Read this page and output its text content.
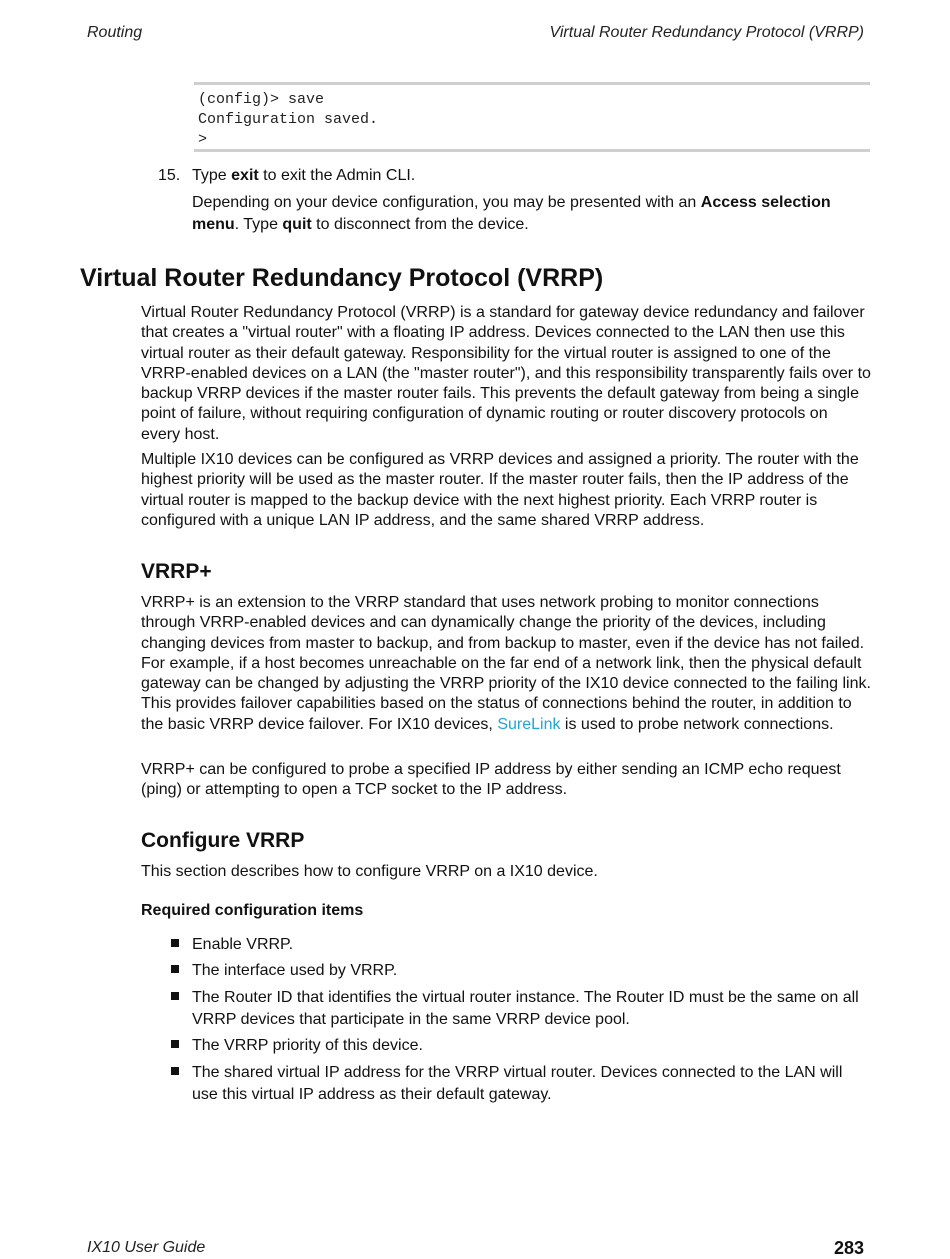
Routing	Virtual Router Redundancy Protocol (VRRP)
(config)> save
Configuration saved.
>
15. Type exit to exit the Admin CLI.
Depending on your device configuration, you may be presented with an Access selection menu. Type quit to disconnect from the device.
Virtual Router Redundancy Protocol (VRRP)
Virtual Router Redundancy Protocol (VRRP) is a standard for gateway device redundancy and failover that creates a "virtual router" with a floating IP address. Devices connected to the LAN then use this virtual router as their default gateway. Responsibility for the virtual router is assigned to one of the VRRP-enabled devices on a LAN (the "master router"), and this responsibility transparently fails over to backup VRRP devices if the master router fails. This prevents the default gateway from being a single point of failure, without requiring configuration of dynamic routing or router discovery protocols on every host.
Multiple IX10 devices can be configured as VRRP devices and assigned a priority. The router with the highest priority will be used as the master router. If the master router fails, then the IP address of the virtual router is mapped to the backup device with the next highest priority. Each VRRP router is configured with a unique LAN IP address, and the same shared VRRP address.
VRRP+
VRRP+ is an extension to the VRRP standard that uses network probing to monitor connections through VRRP-enabled devices and can dynamically change the priority of the devices, including changing devices from master to backup, and from backup to master, even if the device has not failed. For example, if a host becomes unreachable on the far end of a network link, then the physical default gateway can be changed by adjusting the VRRP priority of the IX10 device connected to the failing link. This provides failover capabilities based on the status of connections behind the router, in addition to the basic VRRP device failover. For IX10 devices, SureLink is used to probe network connections.
VRRP+ can be configured to probe a specified IP address by either sending an ICMP echo request (ping) or attempting to open a TCP socket to the IP address.
Configure VRRP
This section describes how to configure VRRP on a IX10 device.
Required configuration items
Enable VRRP.
The interface used by VRRP.
The Router ID that identifies the virtual router instance. The Router ID must be the same on all VRRP devices that participate in the same VRRP device pool.
The VRRP priority of this device.
The shared virtual IP address for the VRRP virtual router. Devices connected to the LAN will use this virtual IP address as their default gateway.
IX10 User Guide	283
